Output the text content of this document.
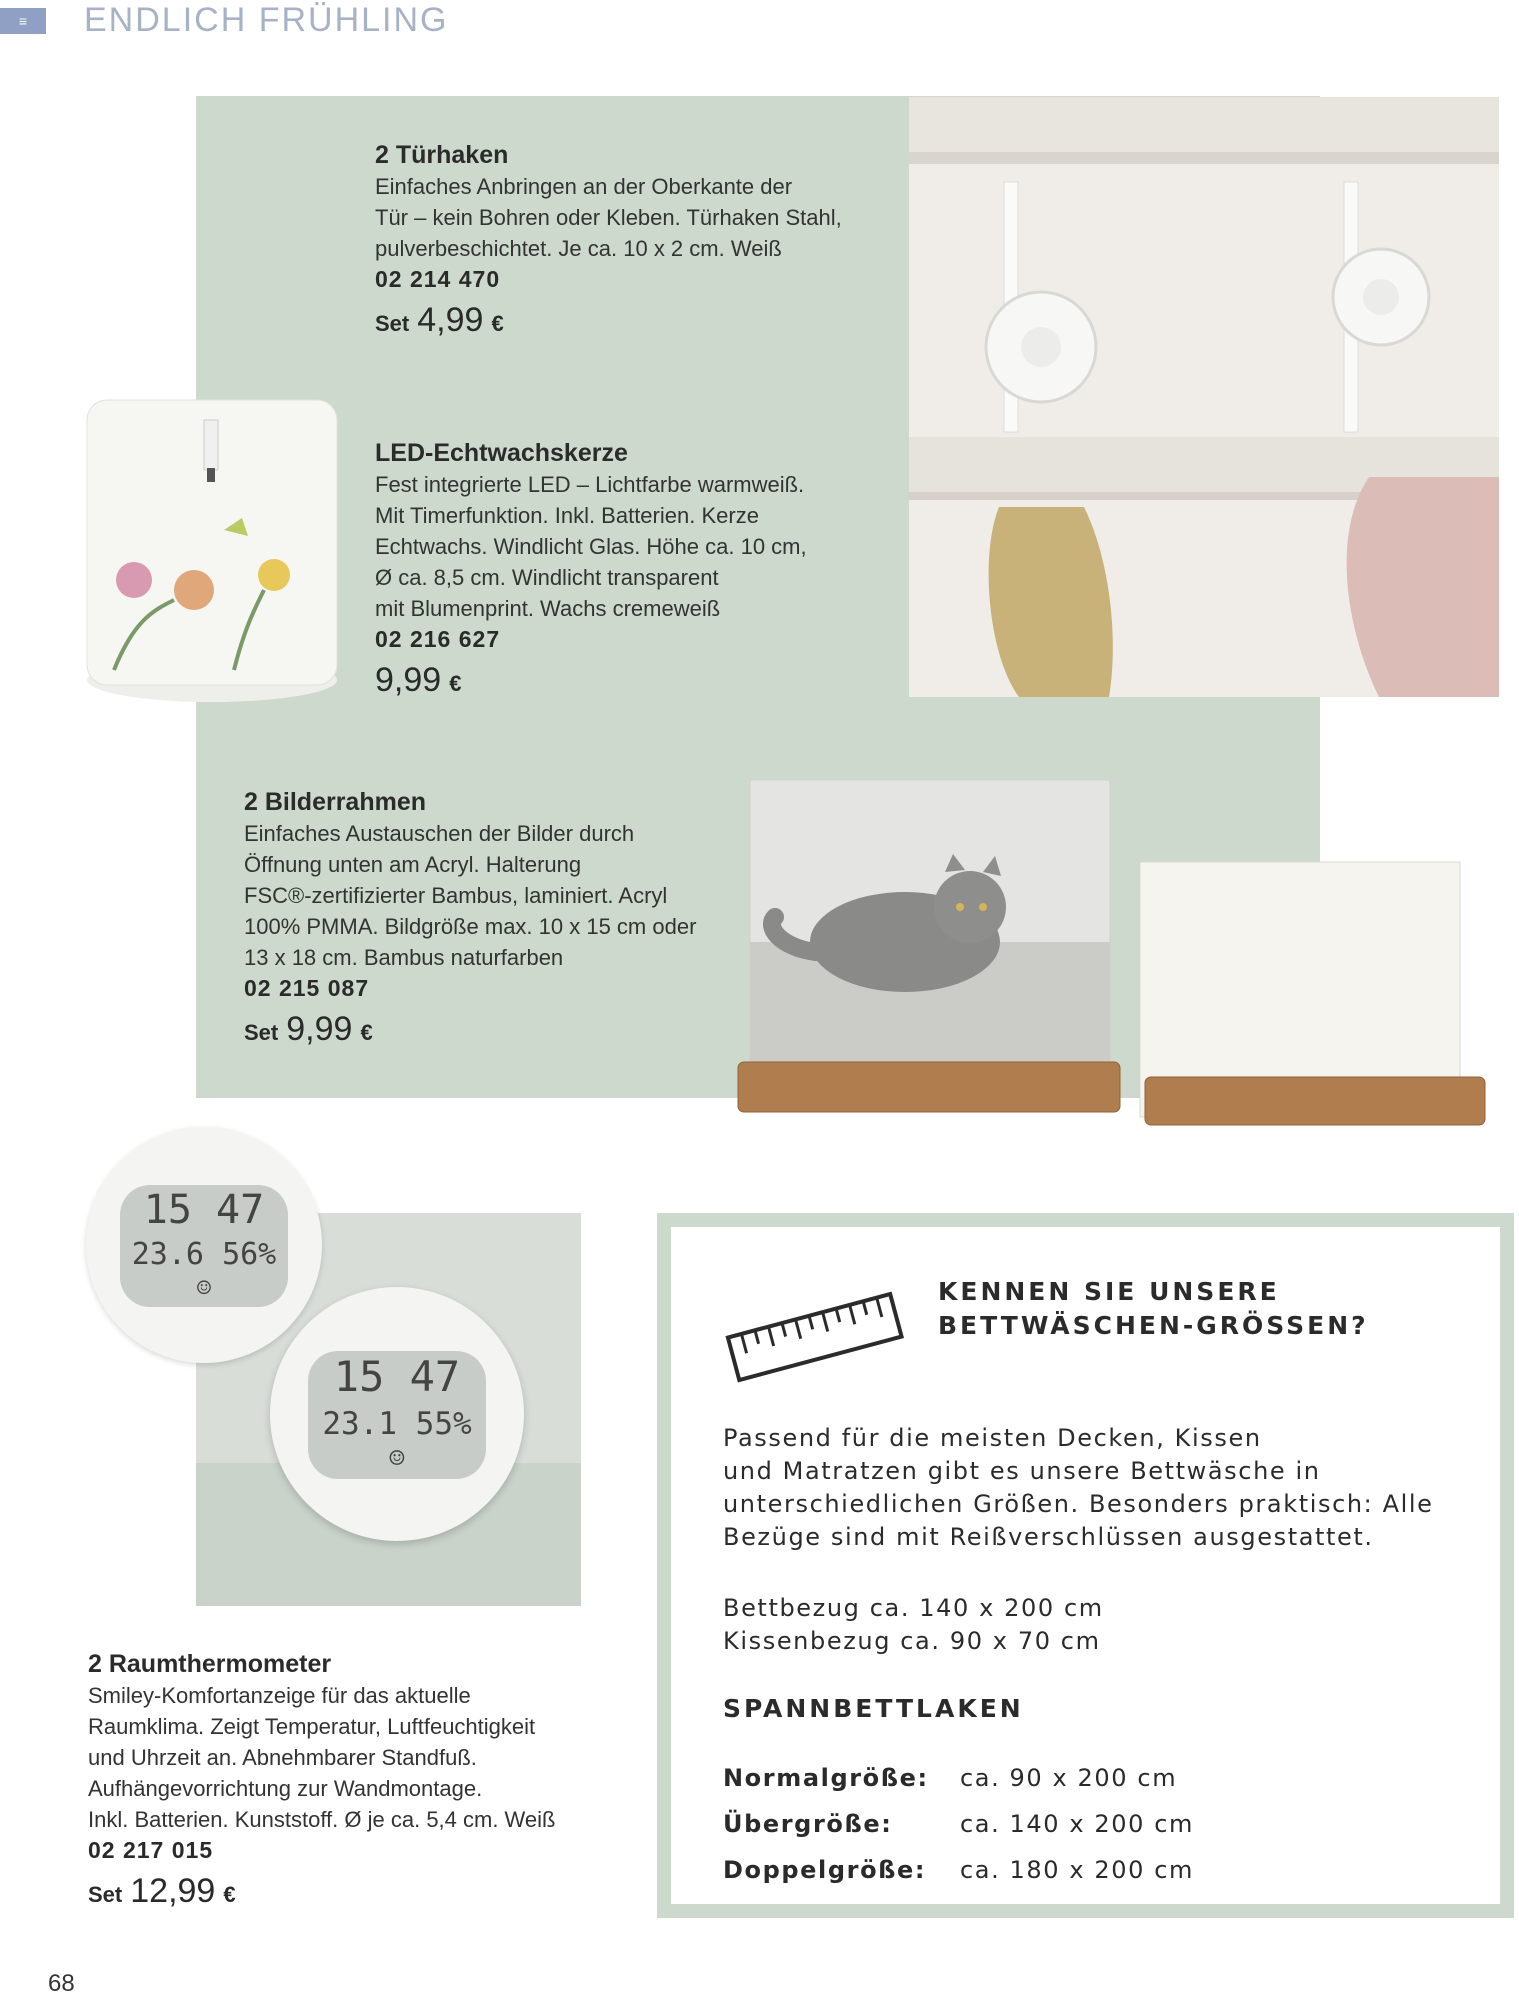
≡	ENDLICH FRÜHLING
15 47
23.6 56%
☺
15 47
23.1 55%
☺
2 Türhaken
Einfaches Anbringen an der Oberkante der
Tür – kein Bohren oder Kleben. Türhaken Stahl,
pulverbeschichtet. Je ca. 10 x 2 cm. Weiß
02 214 470
Set 4,99 €
LED-Echtwachskerze
Fest integrierte LED – Lichtfarbe warmweiß.
Mit Timerfunktion. Inkl. Batterien. Kerze
Echtwachs. Windlicht Glas. Höhe ca. 10 cm,
Ø ca. 8,5 cm. Windlicht transparent
mit Blumenprint. Wachs cremeweiß
02 216 627
9,99 €
2 Bilderrahmen
Einfaches Austauschen der Bilder durch
Öffnung unten am Acryl. Halterung
FSC®-zertifizierter Bambus, laminiert. Acryl
100% PMMA. Bildgröße max. 10 x 15 cm oder
13 x 18 cm. Bambus naturfarben
02 215 087
Set 9,99 €
2 Raumthermometer
Smiley-Komfortanzeige für das aktuelle
Raumklima. Zeigt Temperatur, Luftfeuchtigkeit
und Uhrzeit an. Abnehmbarer Standfuß.
Aufhängevorrichtung zur Wandmontage.
Inkl. Batterien. Kunststoff. Ø je ca. 5,4 cm. Weiß
02 217 015
Set 12,99 €
KENNEN SIE UNSERE
BETTWÄSCHEN-GRÖSSEN?
Passend für die meisten Decken, Kissen
und Matratzen gibt es unsere Bettwäsche in
unterschiedlichen Größen. Besonders praktisch: Alle
Bezüge sind mit Reißverschlüssen ausgestattet.
Bettbezug ca. 140 x 200 cm
Kissenbezug ca. 90 x 70 cm
SPANNBETTLAKEN
Normalgröße:	ca. 90 x 200 cm
Übergröße:	ca. 140 x 200 cm
Doppelgröße:	ca. 180 x 200 cm
68
